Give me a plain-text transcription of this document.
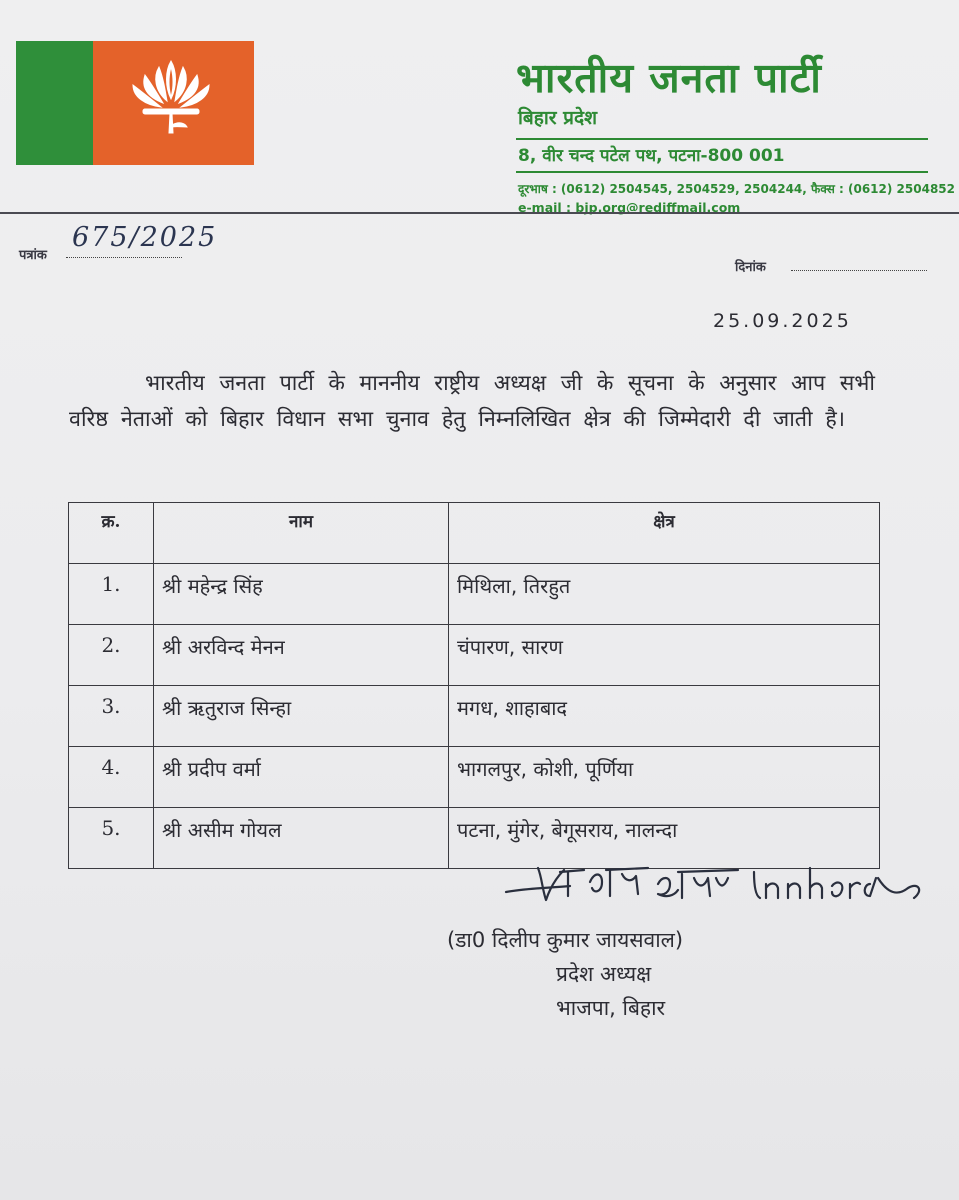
भारतीय जनता पार्टी

बिहार प्रदेश
8, वीर चन्द पटेल पथ, पटना-800 001
दूरभाष : (0612) 2504545, 2504529, 2504244, फैक्स : (0612) 2504852
e-mail : bjp.org@rediffmail.com
पत्रांक
675/2025
दिनांक
25.09.2025
भारतीय जनता पार्टी के माननीय राष्ट्रीय अध्यक्ष जी के सूचना के अनुसार आप सभी वरिष्ठ नेताओं को बिहार विधान सभा चुनाव हेतु निम्नलिखित क्षेत्र की जिम्मेदारी दी जाती है।
क्र.	नाम	क्षेत्र
1.	श्री महेन्द्र सिंह	मिथिला, तिरहुत
2.	श्री अरविन्द मेनन	चंपारण, सारण
3.	श्री ऋतुराज सिन्हा	मगध, शाहाबाद
4.	श्री प्रदीप वर्मा	भागलपुर, कोशी, पूर्णिया
5.	श्री असीम गोयल	पटना, मुंगेर, बेगूसराय, नालन्दा
(डा0 दिलीप कुमार जायसवाल)
प्रदेश अध्यक्ष
भाजपा, बिहार
